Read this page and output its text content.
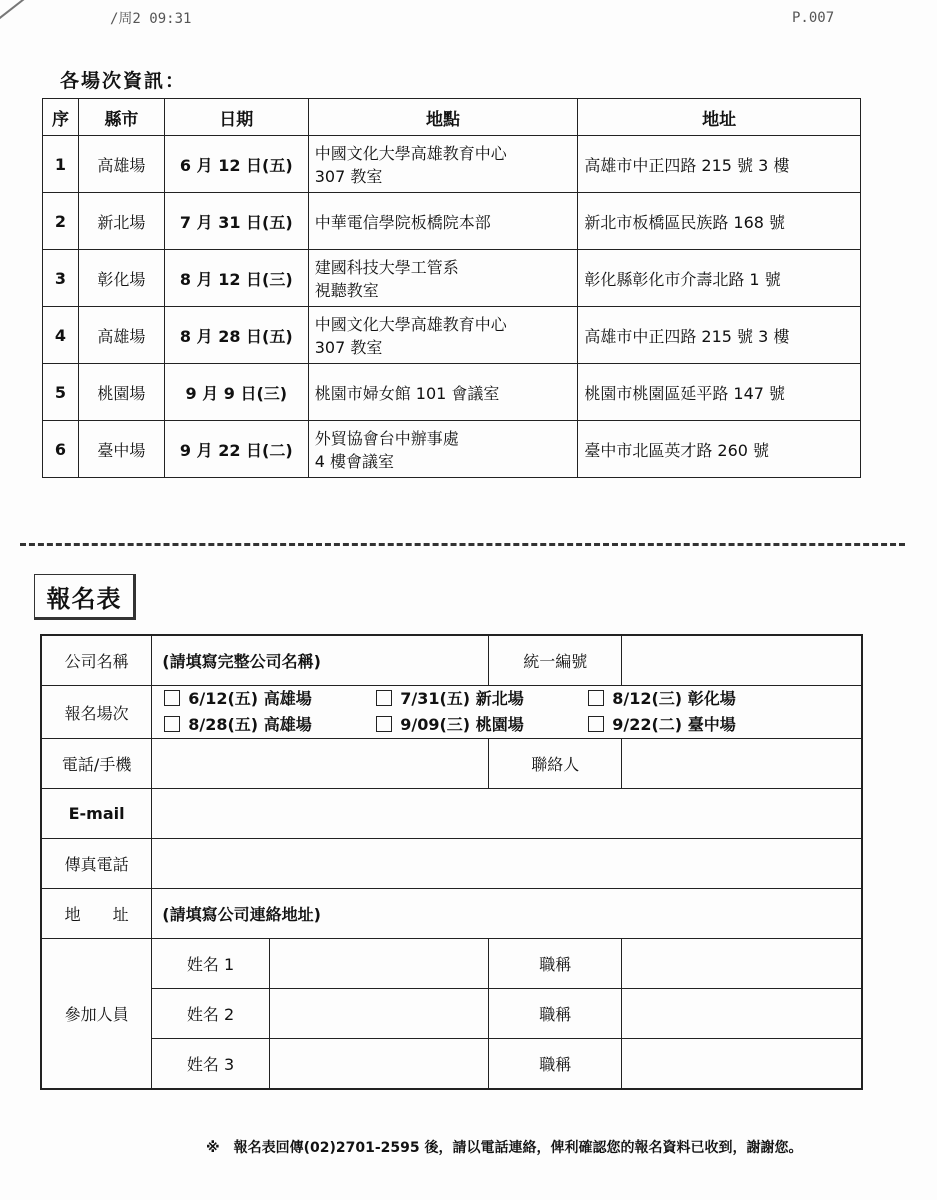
/周2 09:31	P.007
各場次資訊：
序	縣市	日期	地點	地址
1	高雄場	6 月 12 日(五)	中國文化大學高雄教育中心
307 教室	高雄市中正四路 215 號 3 樓
2	新北場	7 月 31 日(五)	中華電信學院板橋院本部	新北市板橋區民族路 168 號
3	彰化場	8 月 12 日(三)	建國科技大學工管系
視聽教室	彰化縣彰化市介壽北路 1 號
4	高雄場	8 月 28 日(五)	中國文化大學高雄教育中心
307 教室	高雄市中正四路 215 號 3 樓
5	桃園場	9 月 9 日(三)	桃園市婦女館 101 會議室	桃園市桃園區延平路 147 號
6	臺中場	9 月 22 日(二)	外貿協會台中辦事處
4 樓會議室	臺中市北區英才路 260 號
報名表
公司名稱	(請填寫完整公司名稱)		統一編號	
報名場次	6/12(五) 高雄場 7/31(五) 新北場 8/12(三) 彰化場
8/28(五) 高雄場 9/09(三) 桃園場 9/22(二) 臺中場			

電話/手機			聯絡人	
E-mail				
傳真電話				
地　　址	(請填寫公司連絡地址)			
參加人員	姓名 1		職稱	
	姓名 2		職稱	
	姓名 3		職稱	
※　報名表回傳(02)2701-2595 後，請以電話連絡，俾利確認您的報名資料已收到，謝謝您。
